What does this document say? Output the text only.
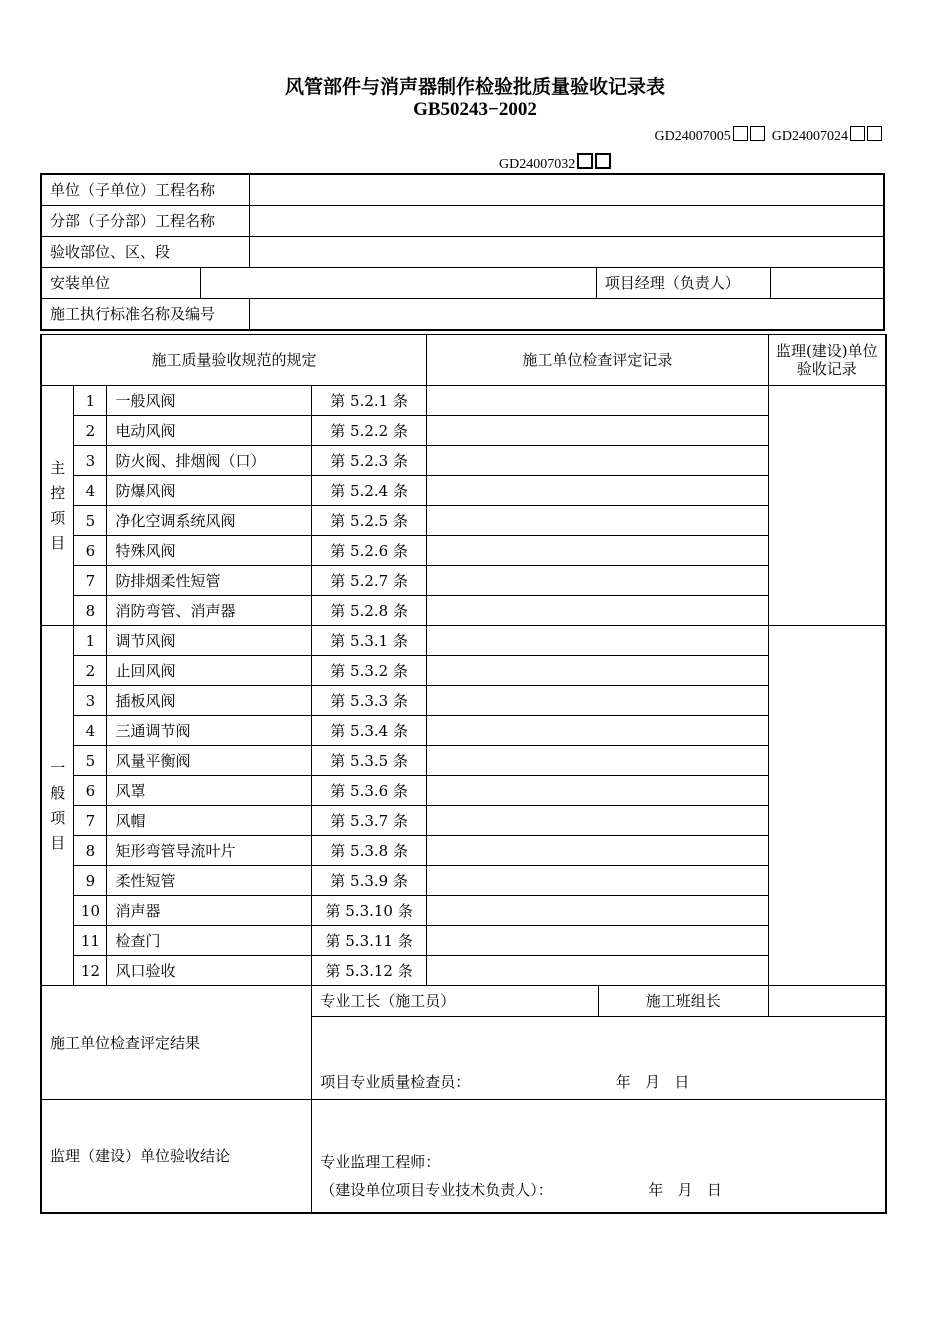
风管部件与消声器制作检验批质量验收记录表
GB50243−2002
GD24007005	GD24007024
GD24007032
单位（子单位）工程名称				
分部（子分部）工程名称				
验收部位、区、段				
安装单位			项目经理（负责人）	
施工执行标准名称及编号				
施工质量验收规范的规定				施工单位检查评定记录		监理(建设)单位验收记录

主
控
项
目	1	一般风阀	第 5.2.1 条			
	2	电动风阀	第 5.2.2 条			
	3	防火阀、排烟阀（口）	第 5.2.3 条			
	4	防爆风阀	第 5.2.4 条			
	5	净化空调系统风阀	第 5.2.5 条			
	6	特殊风阀	第 5.2.6 条			
	7	防排烟柔性短管	第 5.2.7 条			
	8	消防弯管、消声器	第 5.2.8 条			

一
般
项
目	1	调节风阀	第 5.3.1 条			
	2	止回风阀	第 5.3.2 条			
	3	插板风阀	第 5.3.3 条			
	4	三通调节阀	第 5.3.4 条			
	5	风量平衡阀	第 5.3.5 条			
	6	风罩	第 5.3.6 条			
	7	风帽	第 5.3.7 条			
	8	矩形弯管导流叶片	第 5.3.8 条			
	9	柔性短管	第 5.3.9 条			
	10	消声器	第 5.3.10 条			
	11	检查门	第 5.3.11 条			
	12	风口验收	第 5.3.12 条			
施工单位检查评定结果			专业工长（施工员）		施工班组长	
			项目专业质量检查员： 年   月   日			
监理（建设）单位验收结论			专业监理工程师：
（建设单位项目专业技术负责人）： 年   月   日			
